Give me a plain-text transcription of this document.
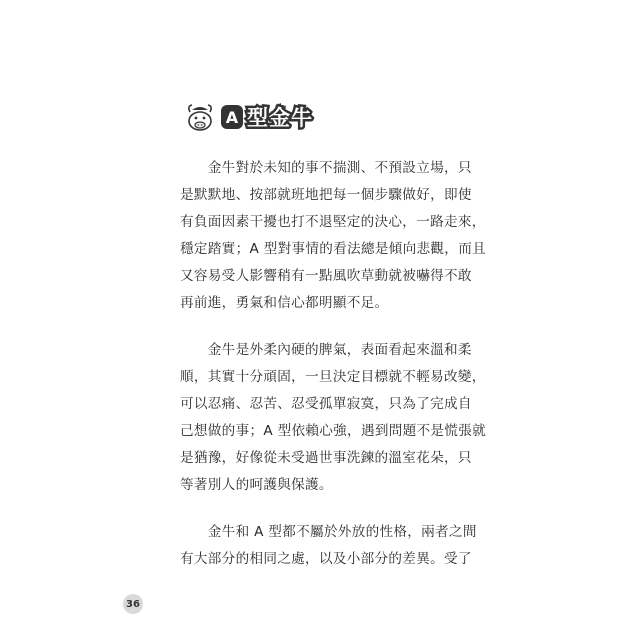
A 型金牛

　　金牛對於未知的事不揣測、不預設立場，只
是默默地、按部就班地把每一個步驟做好，即使
有負面因素干擾也打不退堅定的決心，一路走來，
穩定踏實；A 型對事情的看法總是傾向悲觀，而且
又容易受人影響稍有一點風吹草動就被嚇得不敢
再前進，勇氣和信心都明顯不足。

　　金牛是外柔內硬的脾氣，表面看起來溫和柔
順，其實十分頑固，一旦決定目標就不輕易改變，
可以忍痛、忍苦、忍受孤單寂寞，只為了完成自
己想做的事；A 型依賴心強，遇到問題不是慌張就
是猶豫，好像從未受過世事洗鍊的溫室花朵，只
等著別人的呵護與保護。

　　金牛和 A 型都不屬於外放的性格，兩者之間
有大部分的相同之處，以及小部分的差異。受了

36
